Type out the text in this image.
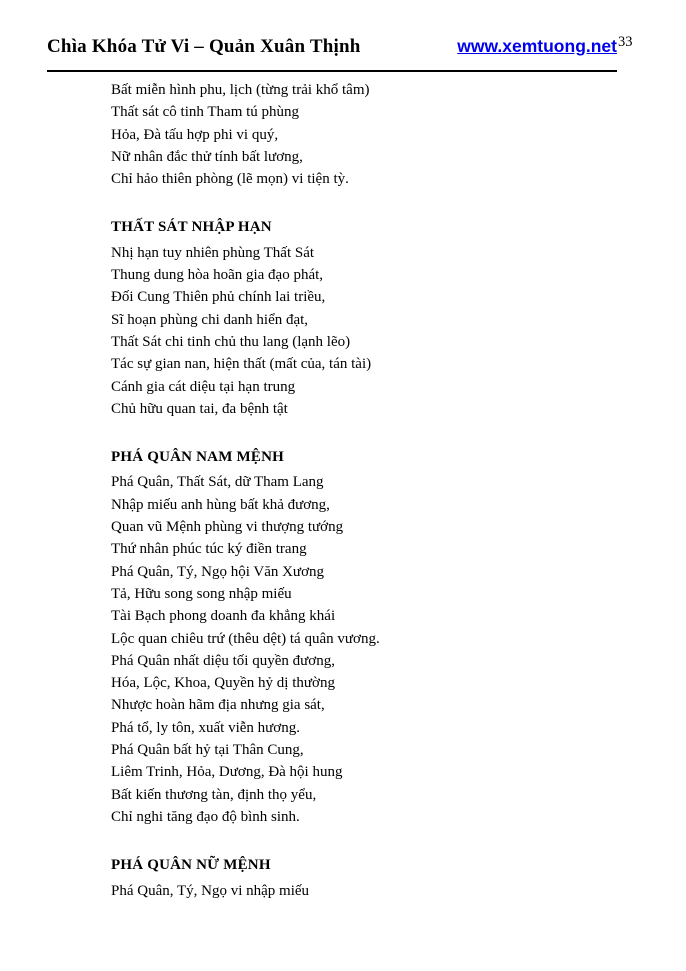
Chìa Khóa Tử Vi – Quản Xuân Thịnh	www.xemtuong.net 33

Bất miễn hình phu, lịch (từng trải khổ tâm)

Thất sát cô tinh Tham tú phùng

Hỏa, Đà tấu hợp phi vi quý,

Nữ nhân đắc thử tính bất lương,

Chỉ hảo thiên phòng (lẽ mọn) vi tiện tỳ.

THẤT SÁT NHẬP HẠN

Nhị hạn tuy nhiên phùng Thất Sát

Thung dung hòa hoãn gia đạo phát,

Đối Cung Thiên phủ chính lai triều,

Sĩ hoạn phùng chi danh hiển đạt,

Thất Sát chi tinh chủ thu lang (lạnh lẽo)

Tác sự gian nan, hiện thất (mất của, tán tài)

Cánh gia cát diệu tại hạn trung

Chủ hữu quan tai, đa bệnh tật

PHÁ QUÂN NAM MỆNH

Phá Quân, Thất Sát, dữ Tham Lang

Nhập miếu anh hùng bất khả đương,

Quan vũ Mệnh phùng vi thượng tướng

Thứ nhân phúc túc ký điền trang

Phá Quân, Tý, Ngọ hội Văn Xương

Tả, Hữu song song nhập miếu

Tài Bạch phong doanh đa khẳng khái

Lộc quan chiêu trứ (thêu dệt) tá quân vương.

Phá Quân nhất diệu tối quyền đương,

Hóa, Lộc, Khoa, Quyền hỷ dị thường

Nhược hoàn hãm địa nhưng gia sát,

Phá tổ, ly tôn, xuất viễn hương.

Phá Quân bất hỷ tại Thân Cung,

Liêm Trinh, Hỏa, Dương, Đà hội hung

Bất kiến thương tàn, định thọ yểu,

Chỉ nghi tăng đạo độ bình sinh.

PHÁ QUÂN NỮ MỆNH

Phá Quân, Tý, Ngọ vi nhập miếu
